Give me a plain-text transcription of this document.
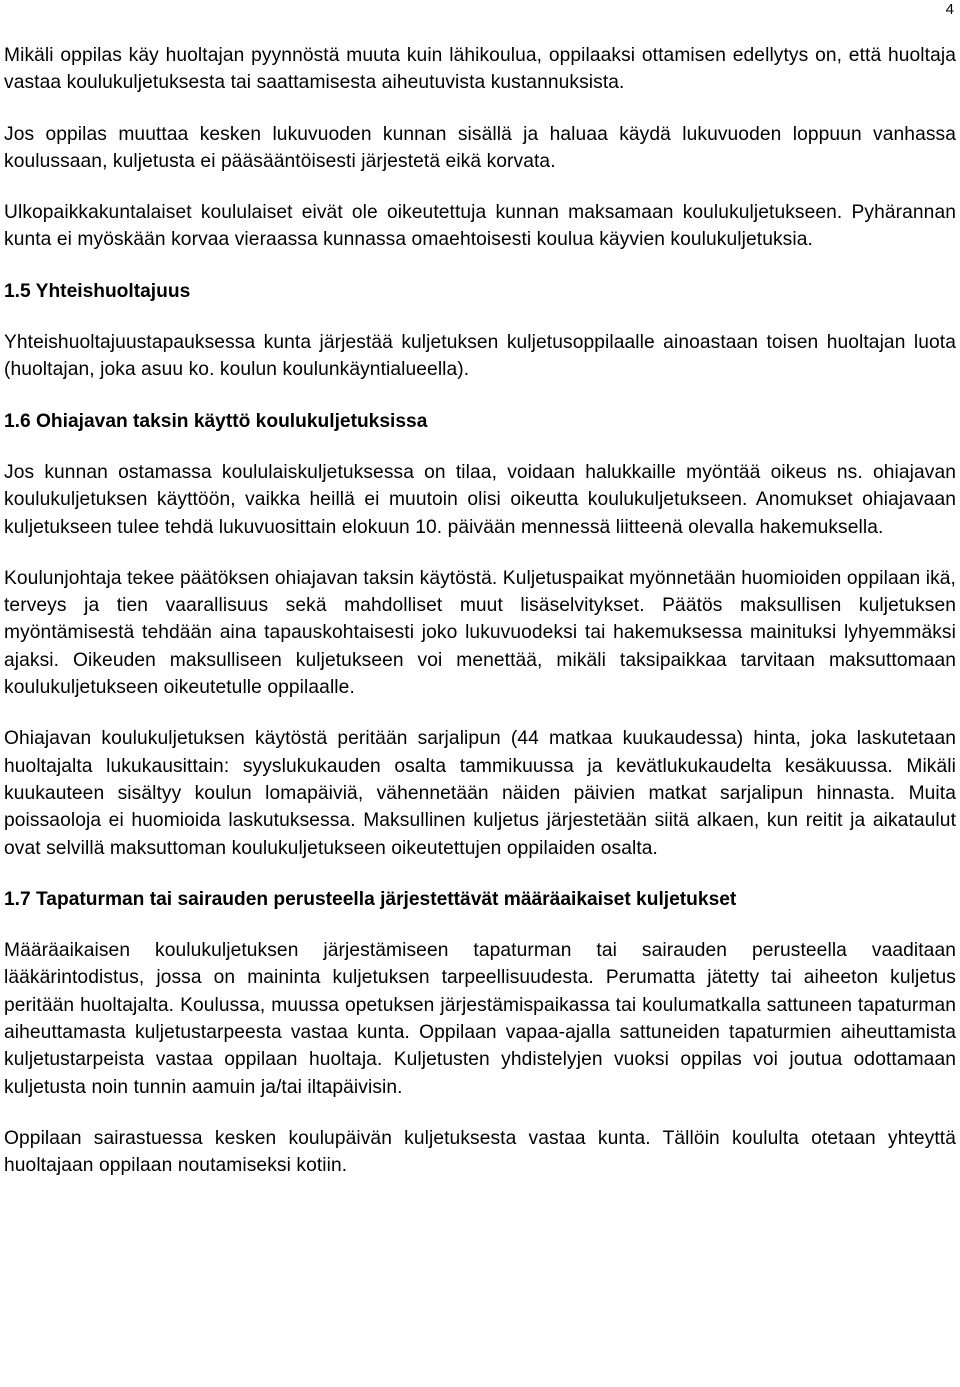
4

Mikäli oppilas käy huoltajan pyynnöstä muuta kuin lähikoulua, oppilaaksi ottamisen edellytys on, että huoltaja vastaa koulukuljetuksesta tai saattamisesta aiheutuvista kustannuksista.

Jos oppilas muuttaa kesken lukuvuoden kunnan sisällä ja haluaa käydä lukuvuoden loppuun vanhassa koulussaan, kuljetusta ei pääsääntöisesti järjestetä eikä korvata.

Ulkopaikkakuntalaiset koululaiset eivät ole oikeutettuja kunnan maksamaan koulukuljetukseen. Pyhärannan kunta ei myöskään korvaa vieraassa kunnassa omaehtoisesti koulua käyvien koulukuljetuksia.

1.5 Yhteishuoltajuus

Yhteishuoltajuustapauksessa kunta järjestää kuljetuksen kuljetusoppilaalle ainoastaan toisen huoltajan luota (huoltajan, joka asuu ko. koulun koulunkäyntialueella).

1.6 Ohiajavan taksin käyttö koulukuljetuksissa

Jos kunnan ostamassa koululaiskuljetuksessa on tilaa, voidaan halukkaille myöntää oikeus ns. ohiajavan koulukuljetuksen käyttöön, vaikka heillä ei muutoin olisi oikeutta koulukuljetukseen. Anomukset ohiajavaan kuljetukseen tulee tehdä lukuvuosittain elokuun 10. päivään mennessä liitteenä olevalla hakemuksella.

Koulunjohtaja tekee päätöksen ohiajavan taksin käytöstä. Kuljetuspaikat myönnetään huomioiden oppilaan ikä, terveys ja tien vaarallisuus sekä mahdolliset muut lisäselvitykset. Päätös maksullisen kuljetuksen myöntämisestä tehdään aina tapauskohtaisesti joko lukuvuodeksi tai hakemuksessa mainituksi lyhyemmäksi ajaksi. Oikeuden maksulliseen kuljetukseen voi menettää, mikäli taksipaikkaa tarvitaan maksuttomaan koulukuljetukseen oikeutetulle oppilaalle.

Ohiajavan koulukuljetuksen käytöstä peritään sarjalipun (44 matkaa kuukaudessa) hinta, joka laskutetaan huoltajalta lukukausittain: syyslukukauden osalta tammikuussa ja kevätlukukaudelta kesäkuussa. Mikäli kuukauteen sisältyy koulun lomapäiviä, vähennetään näiden päivien matkat sarjalipun hinnasta. Muita poissaoloja ei huomioida laskutuksessa. Maksullinen kuljetus järjestetään siitä alkaen, kun reitit ja aikataulut ovat selvillä maksuttoman koulukuljetukseen oikeutettujen oppilaiden osalta.

1.7 Tapaturman tai sairauden perusteella järjestettävät määräaikaiset kuljetukset

Määräaikaisen koulukuljetuksen järjestämiseen tapaturman tai sairauden perusteella vaaditaan lääkärintodistus, jossa on maininta kuljetuksen tarpeellisuudesta. Perumatta jätetty tai aiheeton kuljetus peritään huoltajalta. Koulussa, muussa opetuksen järjestämispaikassa tai koulumatkalla sattuneen tapaturman aiheuttamasta kuljetustarpeesta vastaa kunta. Oppilaan vapaa-ajalla sattuneiden tapaturmien aiheuttamista kuljetustarpeista vastaa oppilaan huoltaja. Kuljetusten yhdistelyjen vuoksi oppilas voi joutua odottamaan kuljetusta noin tunnin aamuin ja/tai iltapäivisin.

Oppilaan sairastuessa kesken koulupäivän kuljetuksesta vastaa kunta. Tällöin koululta otetaan yhteyttä huoltajaan oppilaan noutamiseksi kotiin.
